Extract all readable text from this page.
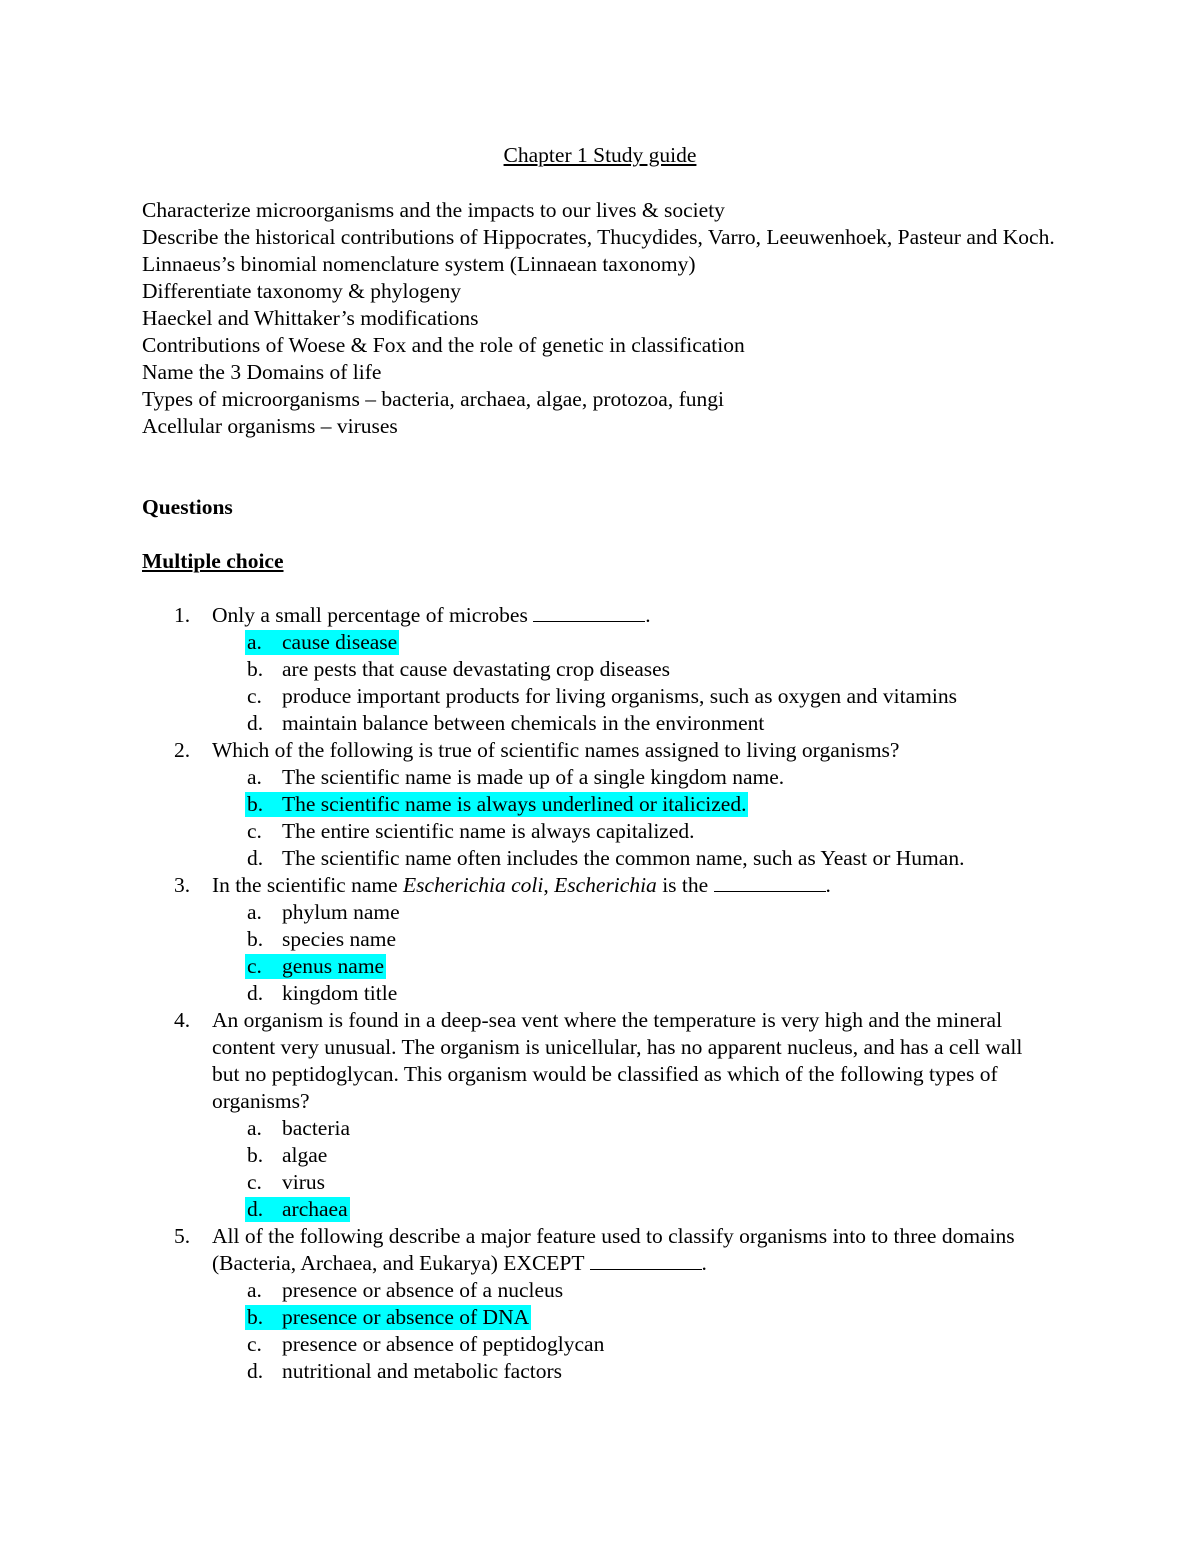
Chapter 1 Study guide
Characterize microorganisms and the impacts to our lives & society
Describe the historical contributions of Hippocrates, Thucydides, Varro, Leeuwenhoek, Pasteur and Koch.
Linnaeus’s binomial nomenclature system (Linnaean taxonomy)
Differentiate taxonomy & phylogeny
Haeckel and Whittaker’s modifications
Contributions of Woese & Fox and the role of genetic in classification
Name the 3 Domains of life
Types of microorganisms – bacteria, archaea, algae, protozoa, fungi
Acellular organisms – viruses
Questions
Multiple choice
1. Only a small percentage of microbes	.
a. cause disease
b. are pests that cause devastating crop diseases
c. produce important products for living organisms, such as oxygen and vitamins
d. maintain balance between chemicals in the environment
2. Which of the following is true of scientific names assigned to living organisms?
a. The scientific name is made up of a single kingdom name.
b. The scientific name is always underlined or italicized.
c. The entire scientific name is always capitalized.
d. The scientific name often includes the common name, such as Yeast or Human.
3. In the scientific name Escherichia coli, Escherichia is the	.
a. phylum name
b. species name
c. genus name
d. kingdom title
4. An organism is found in a deep-sea vent where the temperature is very high and the mineral content very unusual. The organism is unicellular, has no apparent nucleus, and has a cell wall but no peptidoglycan. This organism would be classified as which of the following types of organisms?
a. bacteria
b. algae
c. virus
d. archaea
5. All of the following describe a major feature used to classify organisms into to three domains (Bacteria, Archaea, and Eukarya) EXCEPT	.
a. presence or absence of a nucleus
b. presence or absence of DNA
c. presence or absence of peptidoglycan
d. nutritional and metabolic factors
